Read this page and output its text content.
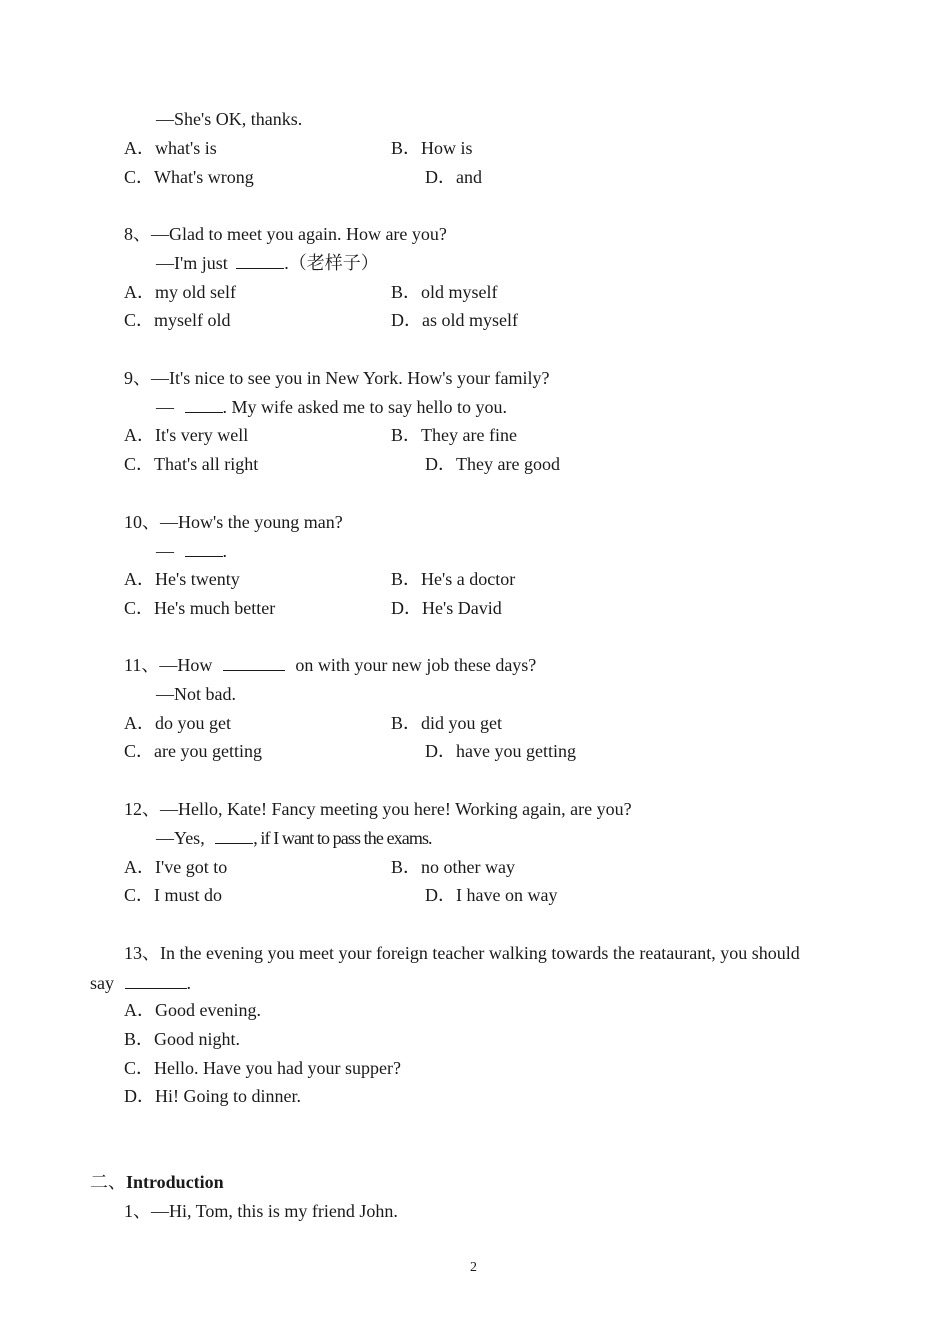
—She's OK, thanks.
A．what's is	B．How is
C．What's wrong	D．and
8、—Glad to meet you again. How are you?
—I'm just	.（老样子）
A．my old self	B．old myself
C．myself old	D．as old myself
9、—It's nice to see you in New York. How's your family?
—	. My wife asked me to say hello to you.
A．It's very well	B．They are fine
C．That's all right	D．They are good
10、—How's the young man?
—	.
A．He's twenty	B．He's a doctor
C．He's much better	D．He's David
11、—How	on with your new job these days?
—Not bad.
A．do you get	B．did you get
C．are you getting	D．have you getting
12、—Hello, Kate! Fancy meeting you here! Working again, are you?
—Yes,	, if I want to pass the exams.
A．I've got to	B．no other way
C．I must do	D．I have on way
13、In the evening you meet your foreign teacher walking towards the reataurant, you should
say	.
A．Good evening.
B．Good night.
C．Hello. Have you had your supper?
D．Hi! Going to dinner.
二、Introduction
1、—Hi, Tom, this is my friend John.
2
